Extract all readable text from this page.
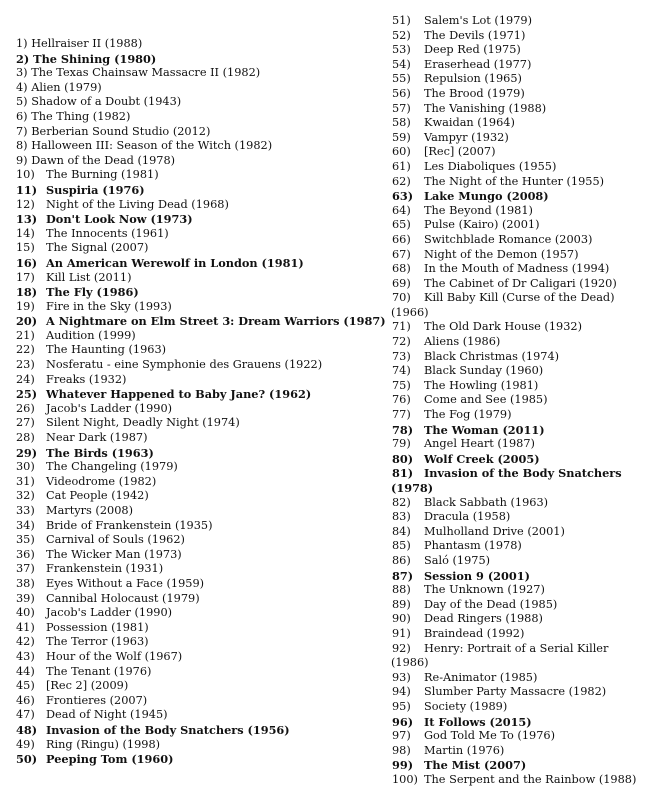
1) Hellraiser II (1988)
2) The Shining (1980)
3) The Texas Chainsaw Massacre II (1982)
4) Alien (1979)
5) Shadow of a Doubt (1943)
6) The Thing (1982)
7) Berberian Sound Studio (2012)
8) Halloween III: Season of the Witch (1982)
9) Dawn of the Dead (1978)
10) The Burning (1981)
11) Suspiria (1976)
12) Night of the Living Dead (1968)
13) Don't Look Now (1973)
14) The Innocents (1961)
15) The Signal (2007)
16) An American Werewolf in London (1981)
17) Kill List (2011)
18) The Fly (1986)
19) Fire in the Sky (1993)
20) A Nightmare on Elm Street 3: Dream Warriors (1987)
21) Audition (1999)
22) The Haunting (1963)
23) Nosferatu - eine Symphonie des Grauens (1922)
24) Freaks (1932)
25) Whatever Happened to Baby Jane? (1962)
26) Jacob's Ladder (1990)
27) Silent Night, Deadly Night (1974)
28) Near Dark (1987)
29) The Birds (1963)
30) The Changeling (1979)
31) Videodrome (1982)
32) Cat People (1942)
33) Martyrs (2008)
34) Bride of Frankenstein (1935)
35) Carnival of Souls (1962)
36) The Wicker Man (1973)
37) Frankenstein (1931)
38) Eyes Without a Face (1959)
39) Cannibal Holocaust (1979)
40) Jacob's Ladder (1990)
41) Possession (1981)
42) The Terror (1963)
43) Hour of the Wolf (1967)
44) The Tenant (1976)
45) [Rec 2] (2009)
46) Frontieres (2007)
47) Dead of Night (1945)
48) Invasion of the Body Snatchers (1956)
49) Ring (Ringu) (1998)
50) Peeping Tom (1960)
51) Salem's Lot (1979)
52) The Devils (1971)
53) Deep Red (1975)
54) Eraserhead (1977)
55) Repulsion (1965)
56) The Brood (1979)
57) The Vanishing (1988)
58) Kwaidan (1964)
59) Vampyr (1932)
60) [Rec] (2007)
61) Les Diaboliques (1955)
62) The Night of the Hunter (1955)
63) Lake Mungo (2008)
64) The Beyond (1981)
65) Pulse (Kairo) (2001)
66) Switchblade Romance (2003)
67) Night of the Demon (1957)
68) In the Mouth of Madness (1994)
69) The Cabinet of Dr Caligari (1920)
70) Kill Baby Kill (Curse of the Dead)
(1966)
71) The Old Dark House (1932)
72) Aliens (1986)
73) Black Christmas (1974)
74) Black Sunday (1960)
75) The Howling (1981)
76) Come and See (1985)
77) The Fog (1979)
78) The Woman (2011)
79) Angel Heart (1987)
80) Wolf Creek (2005)
81) Invasion of the Body Snatchers
(1978)
82) Black Sabbath (1963)
83) Dracula (1958)
84) Mulholland Drive (2001)
85) Phantasm (1978)
86) Saló (1975)
87) Session 9 (2001)
88) The Unknown (1927)
89) Day of the Dead (1985)
90) Dead Ringers (1988)
91) Braindead (1992)
92) Henry: Portrait of a Serial Killer
(1986)
93) Re-Animator (1985)
94) Slumber Party Massacre (1982)
95) Society (1989)
96) It Follows (2015)
97) God Told Me To (1976)
98) Martin (1976)
99) The Mist (2007)
100) The Serpent and the Rainbow (1988)
